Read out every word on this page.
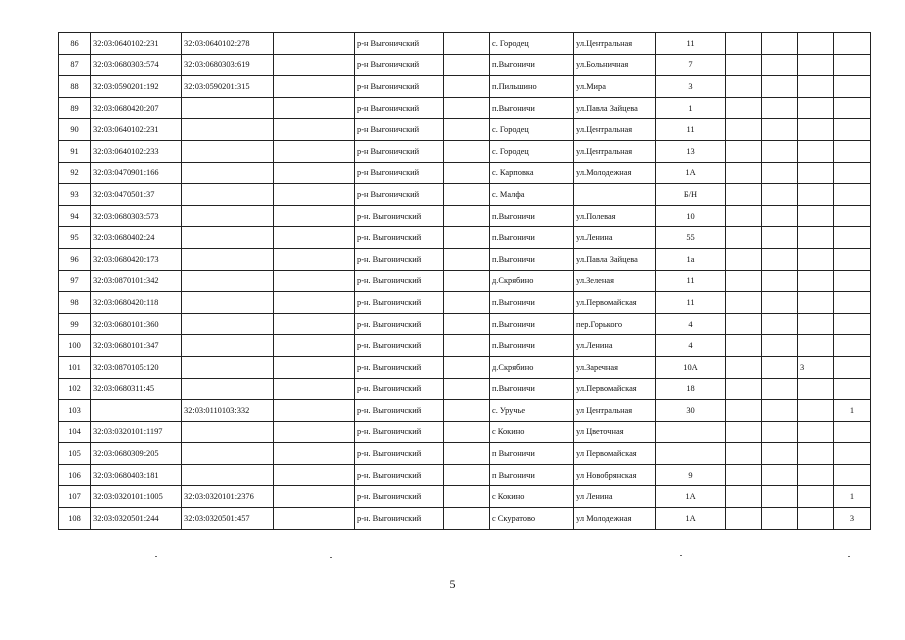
86	32:03:0640102:231	32:03:0640102:278		р-н Выгоничский		с. Городец	ул.Центральная	11				
87	32:03:0680303:574	32:03:0680303:619		р-н Выгоничский		п.Выгоничи	ул.Больничная	7				
88	32:03:0590201:192	32:03:0590201:315		р-н Выгоничский		п.Пильшино	ул.Мира	3				
89	32:03:0680420:207			р-н Выгоничский		п.Выгоничи	ул.Павла Зайцева	1				
90	32:03:0640102:231			р-н Выгоничский		с. Городец	ул.Центральная	11				
91	32:03:0640102:233			р-н Выгоничский		с. Городец	ул.Центральная	13				
92	32:03:0470901:166			р-н Выгоничский		с. Карповка	ул.Молодежная	1А				
93	32:03:0470501:37			р-н Выгоничский		с. Малфа		Б/Н				
94	32:03:0680303:573			р-н. Выгоничский		п.Выгоничи	ул.Полевая	10				
95	32:03:0680402:24			р-н. Выгоничский		п.Выгоничи	ул.Ленина	55				
96	32:03:0680420:173			р-н. Выгоничский		п.Выгоничи	ул.Павла Зайцева	1а				
97	32:03:0870101:342			р-н. Выгоничский		д.Скрябино	ул.Зеленая	11				
98	32:03:0680420:118			р-н. Выгоничский		п.Выгоничи	ул.Первомайская	11				
99	32:03:0680101:360			р-н. Выгоничский		п.Выгоничи	пер.Горького	4				
100	32:03:0680101:347			р-н. Выгоничский		п.Выгоничи	ул.Ленина	4				
101	32:03:0870105:120			р-н. Выгоничский		д.Скрябино	ул.Заречная	10А			3	
102	32:03:0680311:45			р-н. Выгоничский		п.Выгоничи	ул.Первомайская	18				
103		32:03:0110103:332		р-н. Выгоничский		с. Уручье	ул Центральная	30				1
104	32:03:0320101:1197			р-н. Выгоничский		с Кокино	ул Цветочная					
105	32:03:0680309:205			р-н. Выгоничский		п Выгоничи	ул Первомайская					
106	32:03:0680403:181			р-н. Выгоничский		п Выгоничи	ул Новобрянская	9				
107	32:03:0320101:1005	32:03:0320101:2376		р-н. Выгоничский		с Кокино	ул Ленина	1А				1
108	32:03:0320501:244	32:03:0320501:457		р-н. Выгоничский		с Скуратово	ул Молодежная	1А				3
5
